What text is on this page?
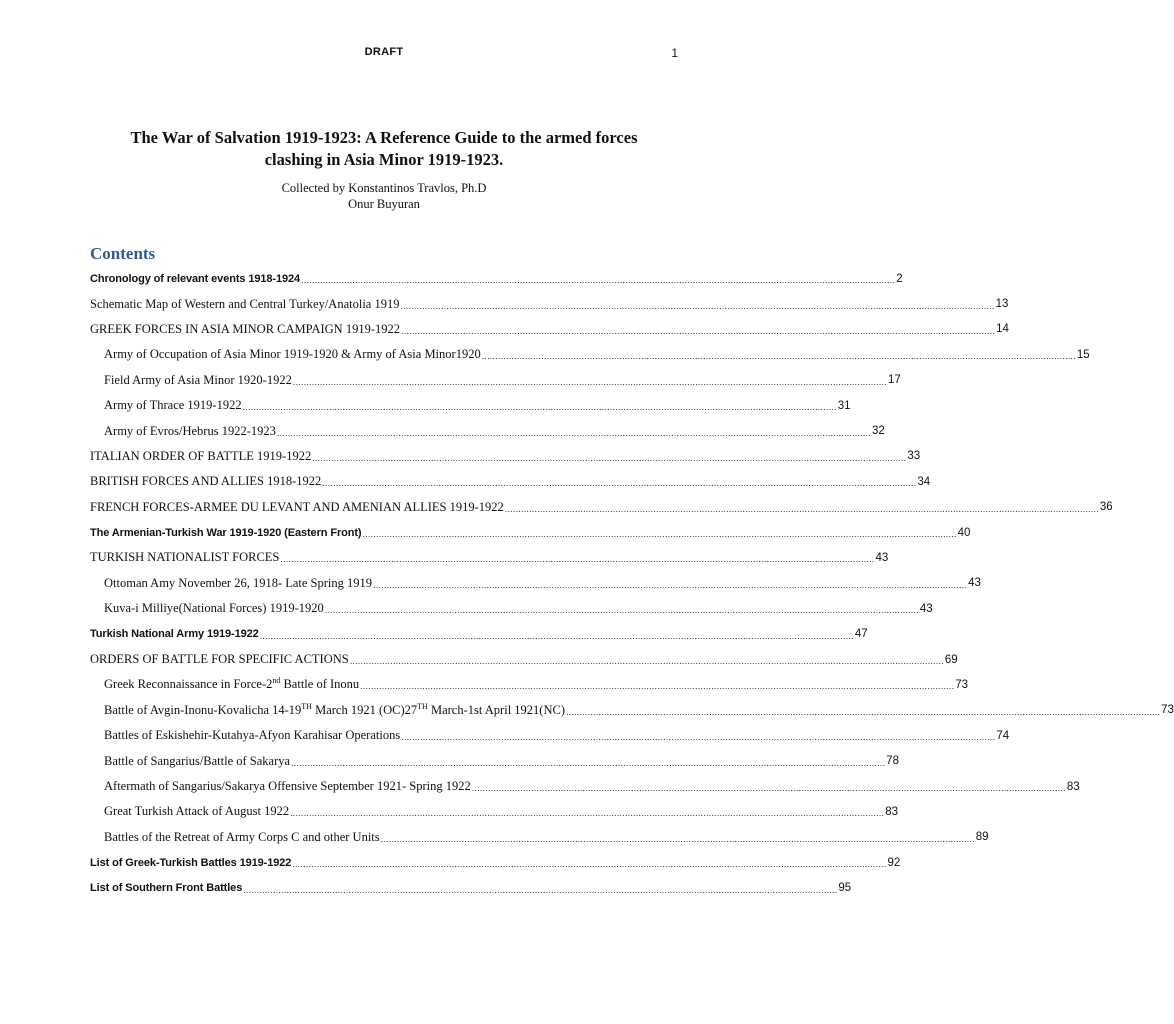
DRAFT	1
The War of Salvation 1919-1923: A Reference Guide to the armed forces
clashing in Asia Minor 1919-1923.
Collected by Konstantinos Travlos, Ph.D
Onur Buyuran
Contents
Chronology of relevant events 1918-1924 ............................................................................................................................................................................................................................ 2
Schematic Map of Western and Central Turkey/Anatolia 1919 ............................................................................................................................................................................................................................ 13
GREEK FORCES IN ASIA MINOR CAMPAIGN 1919-1922 ............................................................................................................................................................................................................................ 14
Army of Occupation of Asia Minor 1919-1920 & Army of Asia Minor1920 ............................................................................................................................................................................................................................ 15
Field Army of Asia Minor 1920-1922 ............................................................................................................................................................................................................................ 17
Army of Thrace 1919-1922 ............................................................................................................................................................................................................................ 31
Army of Evros/Hebrus 1922-1923 ............................................................................................................................................................................................................................ 32
ITALIAN ORDER OF BATTLE 1919-1922 ............................................................................................................................................................................................................................ 33
BRITISH FORCES AND ALLIES 1918-1922 ............................................................................................................................................................................................................................ 34
FRENCH FORCES-ARMEE DU LEVANT AND AMENIAN ALLIES 1919-1922 ............................................................................................................................................................................................................................ 36
The Armenian-Turkish War 1919-1920 (Eastern Front) ............................................................................................................................................................................................................................ 40
TURKISH NATIONALIST FORCES ............................................................................................................................................................................................................................ 43
Ottoman Amy November 26, 1918- Late Spring 1919 ............................................................................................................................................................................................................................ 43
Kuva-i Milliye(National Forces) 1919-1920 ............................................................................................................................................................................................................................ 43
Turkish National Army 1919-1922 ............................................................................................................................................................................................................................ 47
ORDERS OF BATTLE FOR SPECIFIC ACTIONS ............................................................................................................................................................................................................................ 69
Greek Reconnaissance in Force-2nd Battle of Inonu ............................................................................................................................................................................................................................ 73
Battle of Avgin-Inonu-Kovalicha 14-19TH March 1921 (OC)27TH March-1st April 1921(NC) ............................................................................................................................................................................................................................ 73
Battles of Eskishehir-Kutahya-Afyon Karahisar Operations ............................................................................................................................................................................................................................ 74
Battle of Sangarius/Battle of Sakarya ............................................................................................................................................................................................................................ 78
Aftermath of Sangarius/Sakarya Offensive September 1921- Spring 1922 ............................................................................................................................................................................................................................ 83
Great Turkish Attack of August 1922 ............................................................................................................................................................................................................................ 83
Battles of the Retreat of Army Corps C and other Units ............................................................................................................................................................................................................................ 89
List of Greek-Turkish Battles 1919-1922 ............................................................................................................................................................................................................................ 92
List of Southern Front Battles ............................................................................................................................................................................................................................ 95
